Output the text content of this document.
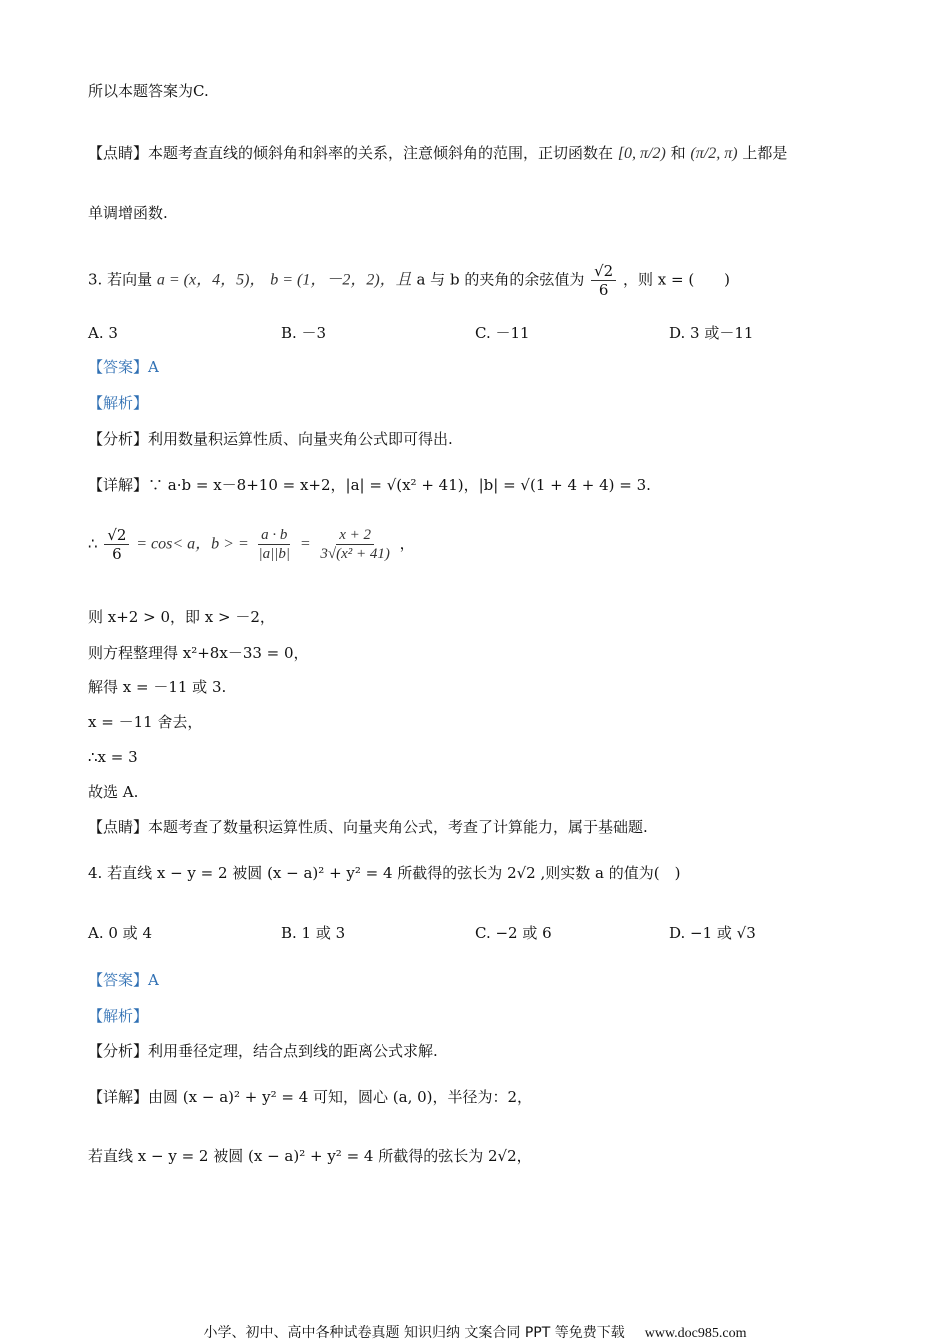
所以本题答案为C.
【点睛】本题考查直线的倾斜角和斜率的关系，注意倾斜角的范围，正切函数在 [0, π/2) 和 (π/2, π) 上都是
单调增函数.
3. 若向量 a = (x，4，5)， b = (1，－2，2)，且 a 与 b 的夹角的余弦值为 $\frac{√2}{6}$ ，则 x = (　　)
A. 3	B. －3	C. －11	D. 3 或－11
【答案】A
【解析】
【分析】利用数量积运算性质、向量夹角公式即可得出.
【详解】∵ a·b = x－8+10 = x+2，|a| = √(x² + 41)，|b| = √(1 + 4 + 4) = 3.
∴ $\frac{√2}{6} = \cos< a$，b > = $\frac{a \cdot b}{|a||b|} = \frac{x + 2}{\text{3√(x² + 41)}}$ ，
则 x+2 > 0，即 x > －2，
则方程整理得 x²+8x－33 = 0，
解得 x = －11 或 3.
x = －11 舍去，
∴x = 3
故选 A.
【点睛】本题考查了数量积运算性质、向量夹角公式，考查了计算能力，属于基础题.
4. 若直线 x − y = 2 被圆 (x − a)² + y² = 4 所截得的弦长为 2√2 ,则实数 a 的值为(　)
A. 0 或 4	B. 1 或 3	C. −2 或 6	D. −1 或 √3
【答案】A
【解析】
【分析】利用垂径定理，结合点到线的距离公式求解.
【详解】由圆 (x − a)² + y² = 4 可知，圆心 (a, 0)，半径为：2，
若直线 x − y = 2 被圆 (x − a)² + y² = 4 所截得的弦长为 2√2，
小学、初中、高中各种试卷真题 知识归纳 文案合同 PPT 等免费下载 www.doc985.com
